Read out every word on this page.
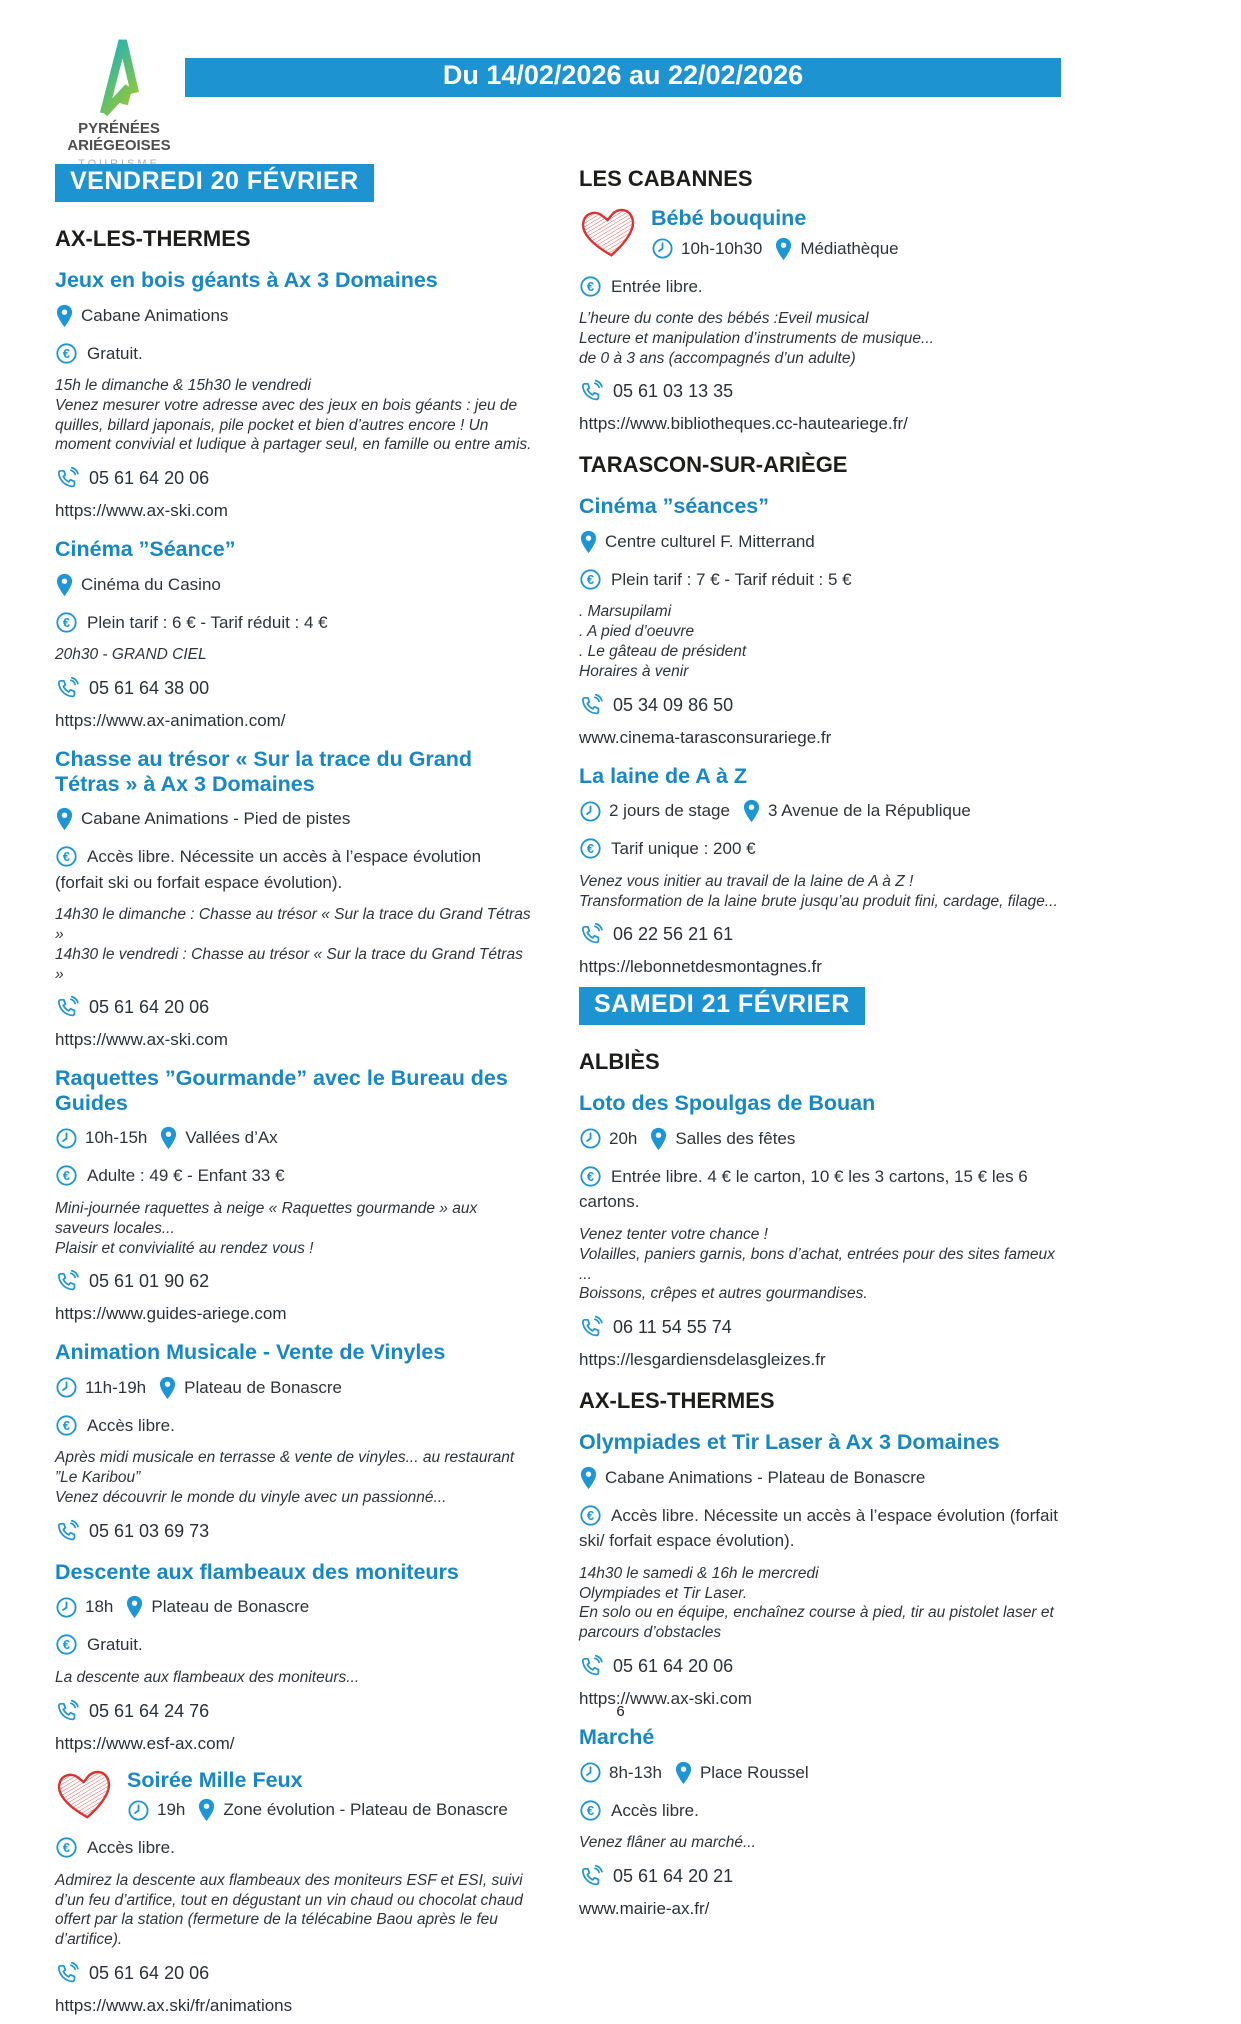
PYRÉNÉES
ARIÉGEOISES
Du 14/02/2026 au 22/02/2026
VENDREDI 20 FÉVRIER

AX-LES-THERMES
Jeux en bois géants à Ax 3 Domaines
Cabane Animations
€ Gratuit.
15h le dimanche & 15h30 le vendredi
Venez mesurer votre adresse avec des jeux en bois géants : jeu de quilles, billard japonais, pile pocket et bien d’autres encore ! Un moment convivial et ludique à partager seul, en famille ou entre amis.
05 61 64 20 06
https://www.ax-ski.com
Cinéma ”Séance”
Cinéma du Casino
€ Plein tarif : 6 € - Tarif réduit : 4 €
20h30 - GRAND CIEL
05 61 64 38 00
https://www.ax-animation.com/
Chasse au trésor « Sur la trace du Grand Tétras » à Ax 3 Domaines
Cabane Animations - Pied de pistes
€ Accès libre. Nécessite un accès à l’espace évolution (forfait ski ou forfait espace évolution).
14h30 le dimanche : Chasse au trésor « Sur la trace du Grand Tétras »
14h30 le vendredi : Chasse au trésor « Sur la trace du Grand Tétras »
05 61 64 20 06
https://www.ax-ski.com
Raquettes ”Gourmande” avec le Bureau des Guides
10h-15h Vallées d’Ax
€ Adulte : 49 € - Enfant 33 €
Mini-journée raquettes à neige « Raquettes gourmande » aux saveurs locales...
Plaisir et convivialité au rendez vous !
05 61 01 90 62
https://www.guides-ariege.com
Animation Musicale - Vente de Vinyles
11h-19h Plateau de Bonascre
€ Accès libre.
Après midi musicale en terrasse & vente de vinyles... au restaurant ”Le Karibou”
Venez découvrir le monde du vinyle avec un passionné...
05 61 03 69 73
Descente aux flambeaux des moniteurs
18h Plateau de Bonascre
€ Gratuit.
La descente aux flambeaux des moniteurs...
05 61 64 24 76
https://www.esf-ax.com/
Soirée Mille Feux
19h Zone évolution - Plateau de Bonascre
€ Accès libre.
Admirez la descente aux flambeaux des moniteurs ESF et ESI, suivi d’un feu d’artifice, tout en dégustant un vin chaud ou chocolat chaud offert par la station (fermeture de la télécabine Baou après le feu d’artifice).
05 61 64 20 06
https://www.ax.ski/fr/animations
LES CABANNES
Bébé bouquine
10h-10h30 Médiathèque
€ Entrée libre.
L’heure du conte des bébés :Eveil musical
Lecture et manipulation d’instruments de musique...
de 0 à 3 ans (accompagnés d’un adulte)
05 61 03 13 35
https://www.bibliotheques.cc-hauteariege.fr/
TARASCON-SUR-ARIÈGE
Cinéma ”séances”
Centre culturel F. Mitterrand
€ Plein tarif : 7 € - Tarif réduit : 5 €
. Marsupilami
. A pied d’oeuvre
. Le gâteau de président
Horaires à venir
05 34 09 86 50
www.cinema-tarasconsurariege.fr
La laine de A à Z
2 jours de stage 3 Avenue de la République
€ Tarif unique : 200 €
Venez vous initier au travail de la laine de A à Z !
Transformation de la laine brute jusqu’au produit fini, cardage, filage...
06 22 56 21 61
https://lebonnetdesmontagnes.fr
SAMEDI 21 FÉVRIER

ALBIÈS
Loto des Spoulgas de Bouan
20h Salles des fêtes
€ Entrée libre. 4 € le carton, 10 € les 3 cartons, 15 € les 6 cartons.
Venez tenter votre chance !
Volailles, paniers garnis, bons d’achat, entrées pour des sites fameux ...
Boissons, crêpes et autres gourmandises.
06 11 54 55 74
https://lesgardiensdelasgleizes.fr
AX-LES-THERMES
Olympiades et Tir Laser à Ax 3 Domaines
Cabane Animations - Plateau de Bonascre
€ Accès libre. Nécessite un accès à l’espace évolution (forfait ski/ forfait espace évolution).
14h30 le samedi & 16h le mercredi
Olympiades et Tir Laser.
En solo ou en équipe, enchaînez course à pied, tir au pistolet laser et parcours d’obstacles
05 61 64 20 06
https://www.ax-ski.com
Marché
8h-13h Place Roussel
€ Accès libre.
Venez flâner au marché...
05 61 64 20 21
www.mairie-ax.fr/
6
